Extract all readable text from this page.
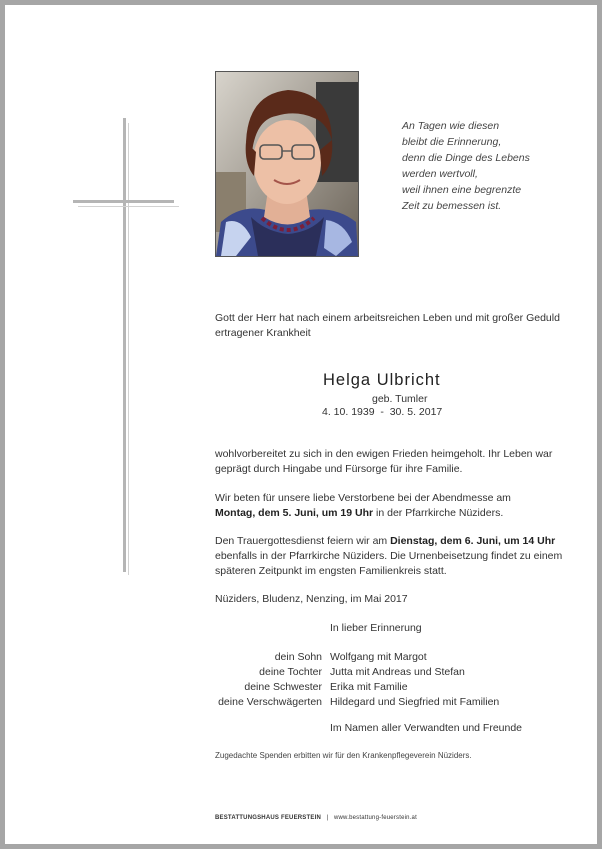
An Tagen wie diesen
bleibt die Erinnerung,
denn die Dinge des Lebens
werden wertvoll,
weil ihnen eine begrenzte
Zeit zu bemessen ist.
Gott der Herr hat nach einem arbeitsreichen Leben und mit großer Geduld ertragener Krankheit
Helga Ulbricht
geb. Tumler
4. 10. 1939  -  30. 5. 2017
wohlvorbereitet zu sich in den ewigen Frieden heimgeholt. Ihr Leben war geprägt durch Hingabe und Fürsorge für ihre Familie.
Wir beten für unsere liebe Verstorbene bei der Abendmesse am
Montag, dem 5. Juni, um 19 Uhr in der Pfarrkirche Nüziders.
Den Trauergottesdienst feiern wir am Dienstag, dem 6. Juni, um 14 Uhr ebenfalls in der Pfarrkirche Nüziders. Die Urnenbeisetzung findet zu einem späteren Zeitpunkt im engsten Familienkreis statt.
Nüziders, Bludenz, Nenzing, im Mai 2017
In lieber Erinnerung
dein Sohn Wolfgang mit Margot
deine Tochter Jutta mit Andreas und Stefan
deine Schwester Erika mit Familie
deine Verschwägerten Hildegard und Siegfried mit Familien
Im Namen aller Verwandten und Freunde
Zugedachte Spenden erbitten wir für den Krankenpflegeverein Nüziders.
BESTATTUNGSHAUS FEUERSTEIN | www.bestattung-feuerstein.at
